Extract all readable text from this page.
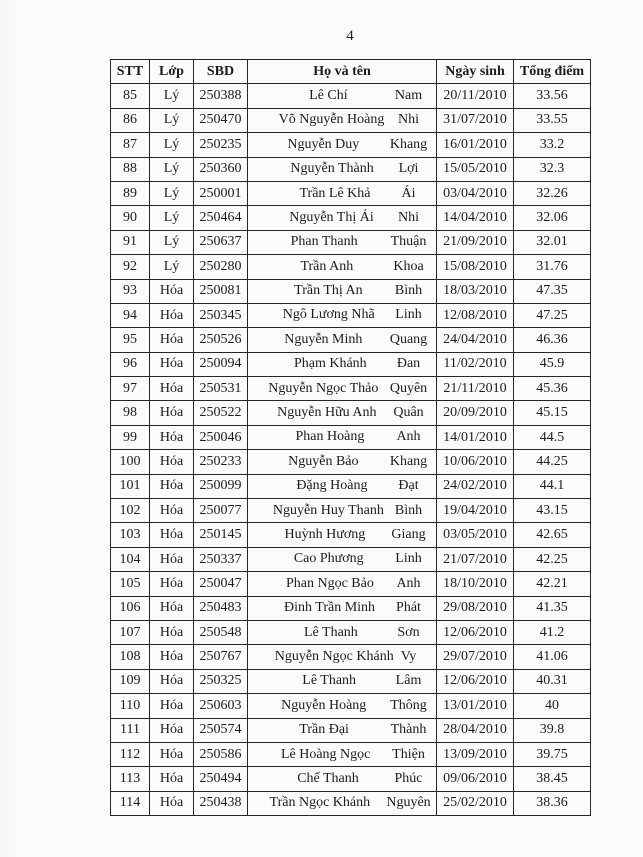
4
STT	Lớp	SBD	Họ và tên	Ngày sinh	Tổng điểm
85	Lý	250388	Lê Chí Nam	20/11/2010	33.56
86	Lý	250470	Võ Nguyễn Hoàng Nhi	31/07/2010	33.55
87	Lý	250235	Nguyễn Duy Khang	16/01/2010	33.2
88	Lý	250360	Nguyễn Thành Lợi	15/05/2010	32.3
89	Lý	250001	Trần Lê Khả Ái	03/04/2010	32.26
90	Lý	250464	Nguyễn Thị Ái Nhi	14/04/2010	32.06
91	Lý	250637	Phan Thanh Thuận	21/09/2010	32.01
92	Lý	250280	Trần Anh Khoa	15/08/2010	31.76
93	Hóa	250081	Trần Thị An Bình	18/03/2010	47.35
94	Hóa	250345	Ngô Lương Nhã Linh	12/08/2010	47.25
95	Hóa	250526	Nguyễn Minh Quang	24/04/2010	46.36
96	Hóa	250094	Phạm Khánh Đan	11/02/2010	45.9
97	Hóa	250531	Nguyễn Ngọc Thảo Quyên	21/11/2010	45.36
98	Hóa	250522	Nguyễn Hữu Anh Quân	20/09/2010	45.15
99	Hóa	250046	Phan Hoàng Anh	14/01/2010	44.5
100	Hóa	250233	Nguyễn Bảo Khang	10/06/2010	44.25
101	Hóa	250099	Đặng Hoàng Đạt	24/02/2010	44.1
102	Hóa	250077	Nguyễn Huy Thanh Bình	19/04/2010	43.15
103	Hóa	250145	Huỳnh Hương Giang	03/05/2010	42.65
104	Hóa	250337	Cao Phương Linh	21/07/2010	42.25
105	Hóa	250047	Phan Ngọc Bảo Anh	18/10/2010	42.21
106	Hóa	250483	Đinh Trần Minh Phát	29/08/2010	41.35
107	Hóa	250548	Lê Thanh Sơn	12/06/2010	41.2
108	Hóa	250767	Nguyễn Ngọc Khánh Vy	29/07/2010	41.06
109	Hóa	250325	Lê Thanh Lâm	12/06/2010	40.31
110	Hóa	250603	Nguyễn Hoàng Thông	13/01/2010	40
111	Hóa	250574	Trần Đại Thành	28/04/2010	39.8
112	Hóa	250586	Lê Hoàng Ngọc Thiện	13/09/2010	39.75
113	Hóa	250494	Chế Thanh Phúc	09/06/2010	38.45
114	Hóa	250438	Trần Ngọc Khánh Nguyên	25/02/2010	38.36
